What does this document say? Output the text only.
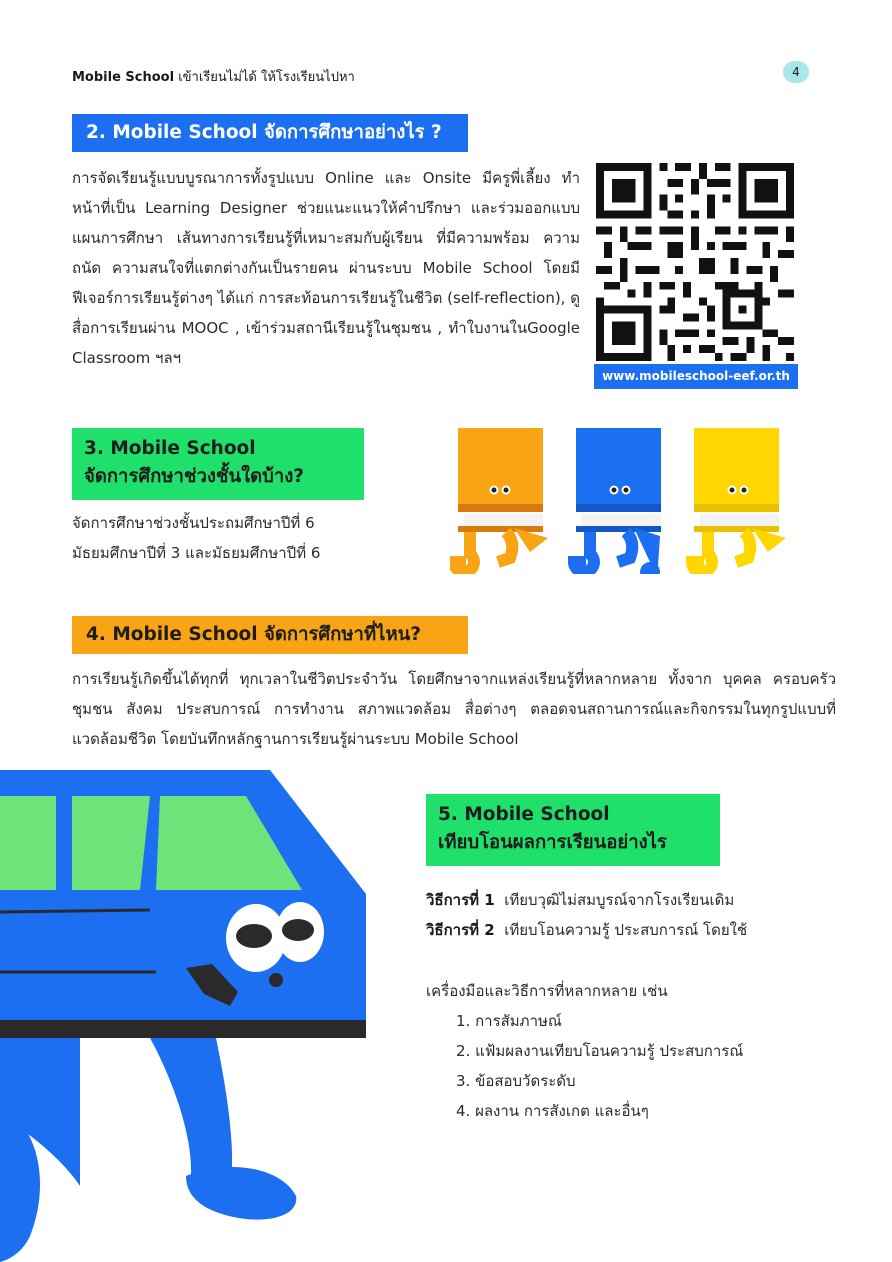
Mobile School เข้าเรียนไม่ได้ ให้โรงเรียนไปหา	4
2. Mobile School จัดการศึกษาอย่างไร ?
การจัดเรียนรู้แบบบูรณาการทั้งรูปแบบ Online และ Onsite มีครูพี่เลี้ยง ทำหน้าที่เป็น Learning Designer ช่วยแนะแนวให้คำปรึกษา และร่วมออกแบบแผนการศึกษา เส้นทางการเรียนรู้ที่เหมาะสมกับผู้เรียน ที่มีความพร้อม ความถนัด ความสนใจที่แตกต่างกันเป็นรายคน ผ่านระบบ Mobile School โดยมีฟีเจอร์การเรียนรู้ต่างๆ ได้แก่ การสะท้อนการเรียนรู้ในชีวิต (self-reflection), ดูสื่อการเรียนผ่าน MOOC , เข้าร่วมสถานีเรียนรู้ในชุมชน , ทำใบงานในGoogle Classroom ฯลฯ
www.mobileschool-eef.or.th
3. Mobile School
จัดการศึกษาช่วงชั้นใดบ้าง?
จัดการศึกษาช่วงชั้นประถมศึกษาปีที่ 6
มัธยมศึกษาปีที่ 3 และมัธยมศึกษาปีที่ 6
4. Mobile School จัดการศึกษาที่ไหน?
การเรียนรู้เกิดขึ้นได้ทุกที่ ทุกเวลาในชีวิตประจำวัน โดยศึกษาจากแหล่งเรียนรู้ที่หลากหลาย ทั้งจาก บุคคล ครอบครัว ชุมชน สังคม ประสบการณ์ การทำงาน สภาพแวดล้อม สื่อต่างๆ ตลอดจนสถานการณ์และกิจกรรมในทุกรูปแบบที่แวดล้อมชีวิต โดยบันทึกหลักฐานการเรียนรู้ผ่านระบบ Mobile School
5. Mobile School
เทียบโอนผลการเรียนอย่างไร
วิธีการที่ 1 เทียบวุฒิไม่สมบูรณ์จากโรงเรียนเดิม
วิธีการที่ 2 เทียบโอนความรู้ ประสบการณ์ โดยใช้
เครื่องมือและวิธีการที่หลากหลาย เช่น
1. การสัมภาษณ์
2. แฟ้มผลงานเทียบโอนความรู้ ประสบการณ์
3. ข้อสอบวัดระดับ
4. ผลงาน การสังเกต และอื่นๆ
